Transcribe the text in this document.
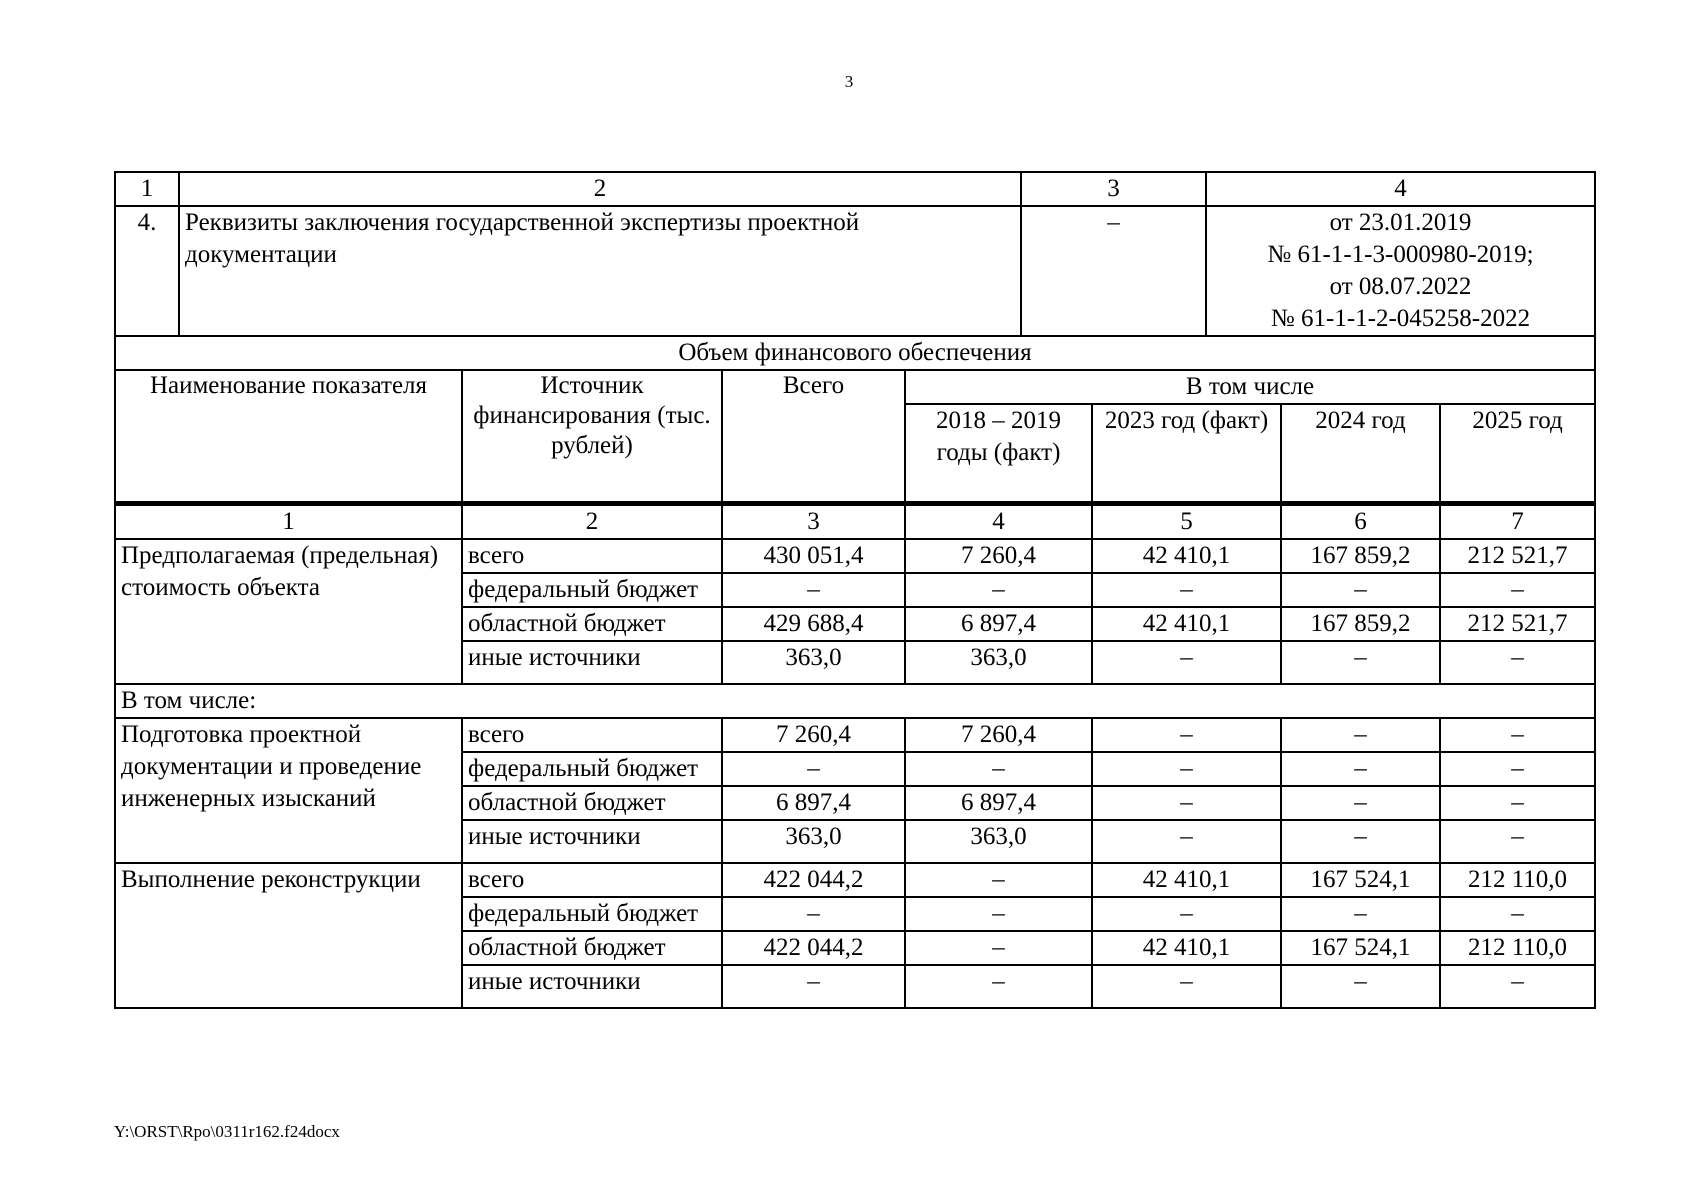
3
1	2				3		4		
4.	Реквизиты заключения государственной экспертизы проектной документации				–		от 23.01.2019
№ 61-1-1-3-000980-2019;
от 08.07.2022
№ 61-1-1-2-045258-2022		

Объем финансового обеспечения									
Наименование показателя		Источник финансирования (тыс. рублей)	Всего	В том числе					
				2018 – 2019 годы (факт)		2023 год (факт)		2024 год	2025 год
1		2	3	4		5		6	7
Предполагаемая (предельная) стоимость объекта		всего	430 051,4	7 260,4		42 410,1		167 859,2	212 521,7
		федеральный бюджет	–	–		–		–	–
		областной бюджет	429 688,4	6 897,4		42 410,1		167 859,2	212 521,7
		иные источники	363,0	363,0		–		–	–
В том числе:									
Подготовка проектной документации и проведение инженерных изысканий		всего	7 260,4	7 260,4		–		–	–
		федеральный бюджет	–	–		–		–	–
		областной бюджет	6 897,4	6 897,4		–		–	–
		иные источники	363,0	363,0		–		–	–
Выполнение реконструкции		всего	422 044,2	–		42 410,1		167 524,1	212 110,0
		федеральный бюджет	–	–		–		–	–
		областной бюджет	422 044,2	–		42 410,1		167 524,1	212 110,0
		иные источники	–	–		–		–	–
Y:\ORST\Rpo\0311r162.f24docx
